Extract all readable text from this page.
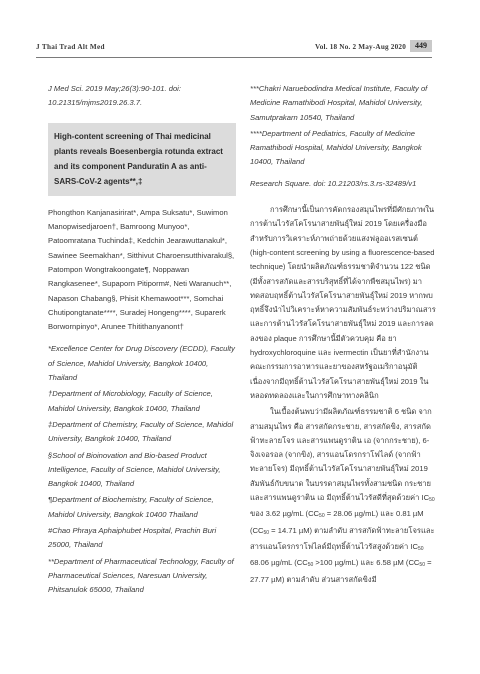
J Thai Trad Alt Med	Vol. 18 No. 2 May-Aug 2020	449

J Med Sci. 2019 May;26(3):90-101. doi: 10.21315/mjms2019.26.3.7.

High-content screening of Thai medicinal plants reveals Boesenbergia rotunda extract and its component Panduratin A as anti-SARS-CoV-2 agents**,‡

Phongthon Kanjanasirirat*, Ampa Suksatu*, Suwimon Manopwisedjaroen†, Bamroong Munyoo*, Patoomratana Tuchinda‡, Kedchin Jearawuttanakul*, Sawinee Seemakhan*, Sitthivut Charoensutthivarakul§, Patompon Wongtrakoongate¶, Noppawan Rangkasenee*, Supaporn Pitiporm#, Neti Waranuch**, Napason Chabang§, Phisit Khemawoot***, Somchai Chutipongtanate****, Suradej Hongeng****, Suparerk Borwornpinyo*, Arunee Thitithanyanont†

*Excellence Center for Drug Discovery (ECDD), Faculty of Science, Mahidol University, Bangkok 10400, Thailand

†Department of Microbiology, Faculty of Science, Mahidol University, Bangkok 10400, Thailand

‡Department of Chemistry, Faculty of Science, Mahidol University, Bangkok 10400, Thailand

§School of Bioinovation and Bio-based Product Intelligence, Faculty of Science, Mahidol University, Bangkok 10400, Thailand

¶Department of Biochemistry, Faculty of Science, Mahidol University, Bangkok 10400 Thailand

#Chao Phraya Aphaiphubet Hospital, Prachin Buri 25000, Thailand

**Department of Pharmaceutical Technology, Faculty of Pharmaceutical Sciences, Naresuan University, Phitsanulok 65000, Thailand

***Chakri Naruebodindra Medical Institute, Faculty of Medicine Ramathibodi Hospital, Mahidol University, Samutprakarn 10540, Thailand

****Department of Pediatrics, Faculty of Medicine Ramathibodi Hospital, Mahidol University, Bangkok 10400, Thailand

Research Square. doi: 10.21203/rs.3.rs-32489/v1

การศึกษานี้เป็นการคัดกรองสมุนไพรที่มีศักยภาพในการต้านไวรัสโคโรนาสายพันธุ์ใหม่ 2019 โดยเครื่องมือสำหรับการวิเคราะห์ภาพถ่ายด้วยแสงฟลูออเรสเซนต์ (high-content screening by using a fluorescence-based technique) โดยนำผลิตภัณฑ์ธรรมชาติจำนวน 122 ชนิด (มีทั้งสารสกัดและสารบริสุทธิ์ที่ได้จากพืชสมุนไพร) มาทดสอบฤทธิ์ต้านไวรัสโคโรนาสายพันธุ์ใหม่ 2019 หากพบฤทธิ์จึงนำไปวิเคราะห์หาความสัมพันธ์ระหว่างปริมาณสารและการต้านไวรัสโคโรนาสายพันธุ์ใหม่ 2019 และการลดลงของ plaque การศึกษานี้มีตัวควบคุม คือ ยา hydroxychloroquine และ ivermectin เป็นยาที่สำนักงานคณะกรรมการอาหารและยาของสหรัฐอเมริกาอนุมัติเนื่องจากมีฤทธิ์ต้านไวรัสโคโรนาสายพันธุ์ใหม่ 2019 ในหลอดทดลองและในการศึกษาทางคลินิก

ในเบื้องต้นพบว่ามีผลิตภัณฑ์ธรรมชาติ 6 ชนิด จากสามสมุนไพร คือ สารสกัดกระชาย, สารสกัดขิง, สารสกัดฟ้าทะลายโจร และสารแพนดูราติน เอ (จากกระชาย), 6-จิงเจอรอล (จากขิง), สารแอนโดรกราโฟไลด์ (จากฟ้าทะลายโจร) มีฤทธิ์ต้านไวรัสโคโรนาสายพันธุ์ใหม่ 2019 สัมพันธ์กับขนาด ในบรรดาสมุนไพรทั้งสามชนิด กระชายและสารแพนดูราติน เอ มีฤทธิ์ต้านไวรัสดีที่สุดด้วยค่า $IC_{50}$ ของ 3.62 µg/mL ($CC_{50} = 28.06$ µg/mL) และ 0.81 µM ($CC_{50} = 14.71$ µM) ตามลำดับ สารสกัดฟ้าทะลายโจรและสารแอนโดรกราโฟไลด์มีฤทธิ์ต้านไวรัสสูงด้วยค่า $IC_{50}$ 68.06 µg/mL ($CC_{50} >100$ µg/mL) และ 6.58 µM ($CC_{50} = 27.77$ µM) ตามลำดับ ส่วนสารสกัดขิงมี
